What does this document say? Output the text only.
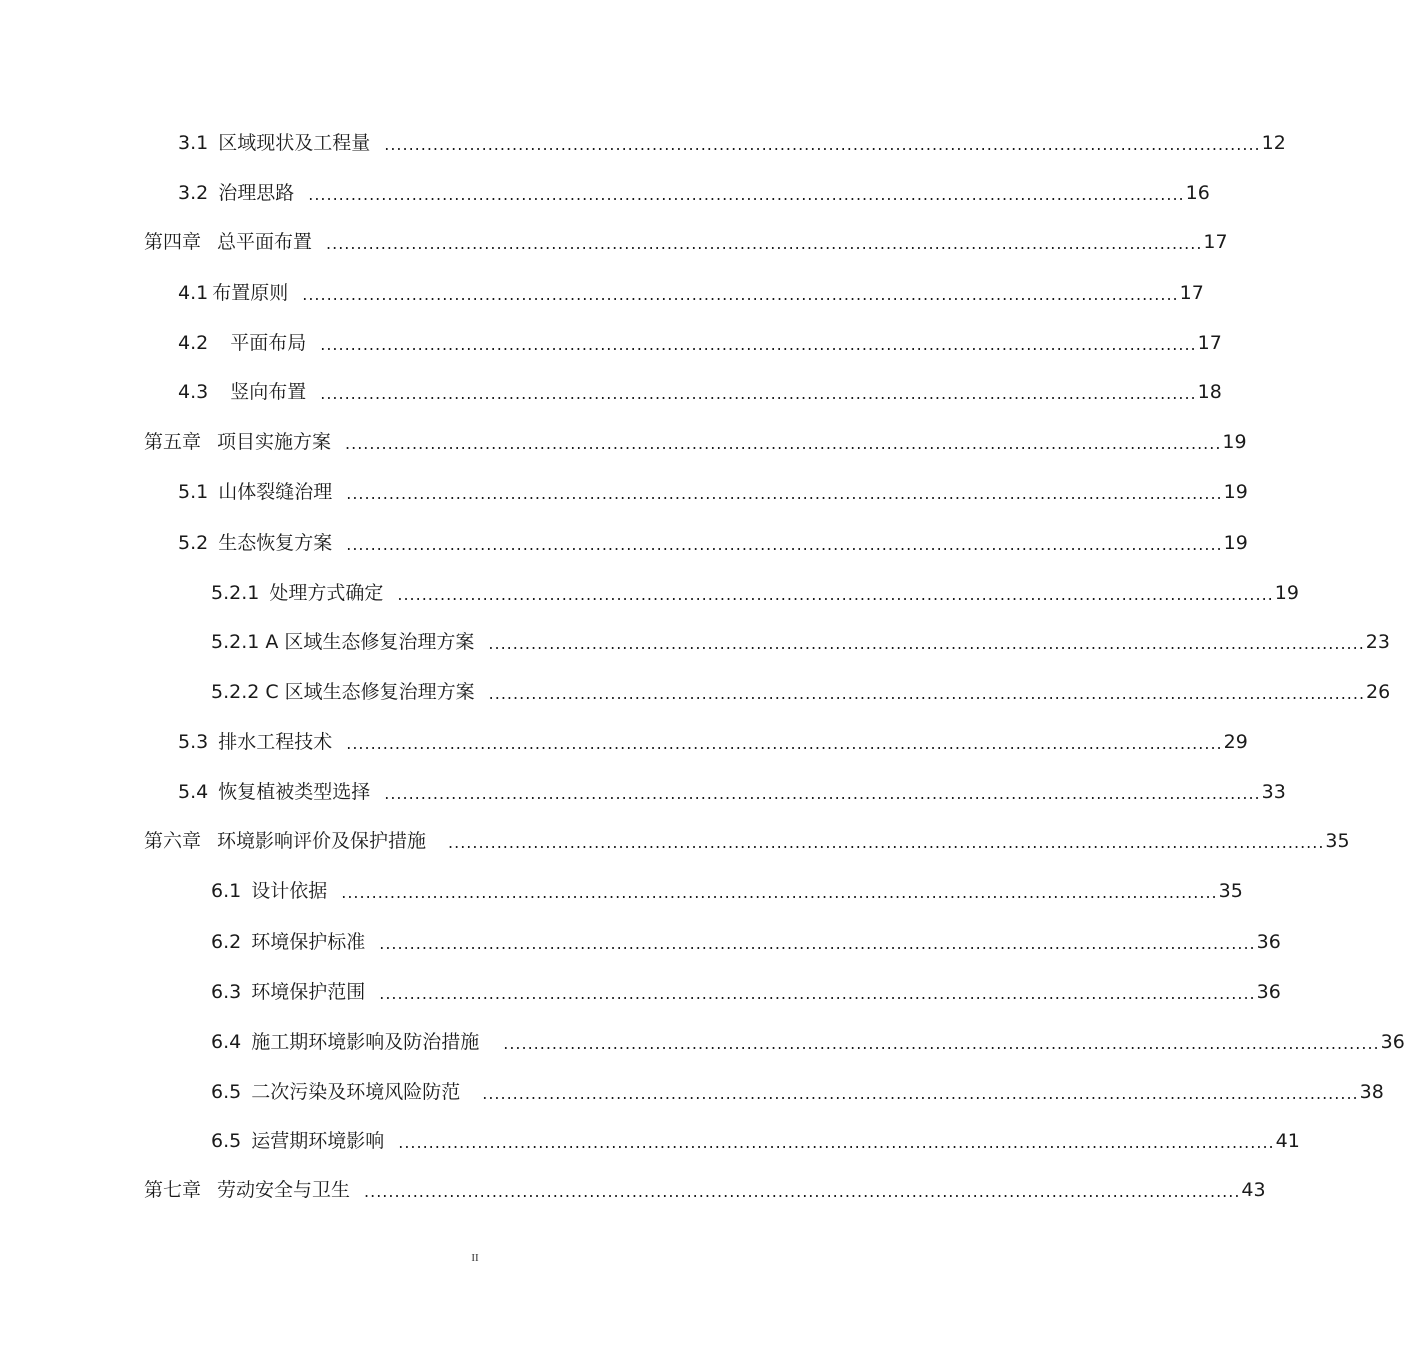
3.1 区域现状及工程量 ................................................................................................................................................ 12
3.2 治理思路 ................................................................................................................................................ 16
第四章 总平面布置 ................................................................................................................................................ 17
4.1 布置原则 ................................................................................................................................................ 17
4.2 平面布局 ................................................................................................................................................ 17
4.3 竖向布置 ................................................................................................................................................ 18
第五章 项目实施方案 ................................................................................................................................................ 19
5.1 山体裂缝治理 ................................................................................................................................................ 19
5.2 生态恢复方案 ................................................................................................................................................ 19
5.2.1 处理方式确定 ................................................................................................................................................ 19
5.2.1 A 区域生态修复治理方案 ................................................................................................................................................ 23
5.2.2 C 区域生态修复治理方案 ................................................................................................................................................ 26
5.3 排水工程技术 ................................................................................................................................................ 29
5.4 恢复植被类型选择 ................................................................................................................................................ 33
第六章 环境影响评价及保护措施 ................................................................................................................................................ 35
6.1 设计依据 ................................................................................................................................................ 35
6.2 环境保护标准 ................................................................................................................................................ 36
6.3 环境保护范围 ................................................................................................................................................ 36
6.4 施工期环境影响及防治措施 ................................................................................................................................................ 36
6.5 二次污染及环境风险防范 ................................................................................................................................................ 38
6.5 运营期环境影响 ................................................................................................................................................ 41
第七章 劳动安全与卫生 ................................................................................................................................................ 43
II
